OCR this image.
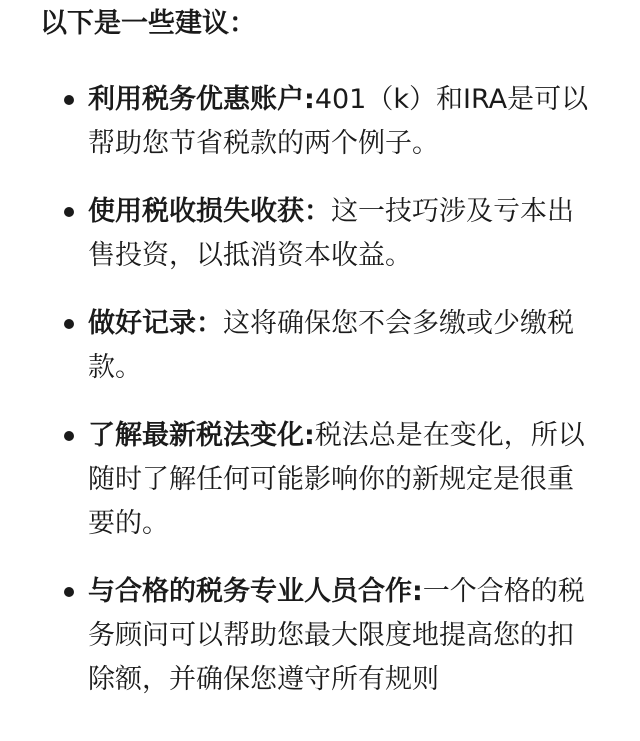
以下是一些建议：
利用税务优惠账户:401（k）和IRA是可以帮助您节省税款的两个例子。
使用税收损失收获：这一技巧涉及亏本出售投资，以抵消资本收益。
做好记录：这将确保您不会多缴或少缴税款。
了解最新税法变化:税法总是在变化，所以随时了解任何可能影响你的新规定是很重要的。
与合格的税务专业人员合作:一个合格的税务顾问可以帮助您最大限度地提高您的扣除额，并确保您遵守所有规则
